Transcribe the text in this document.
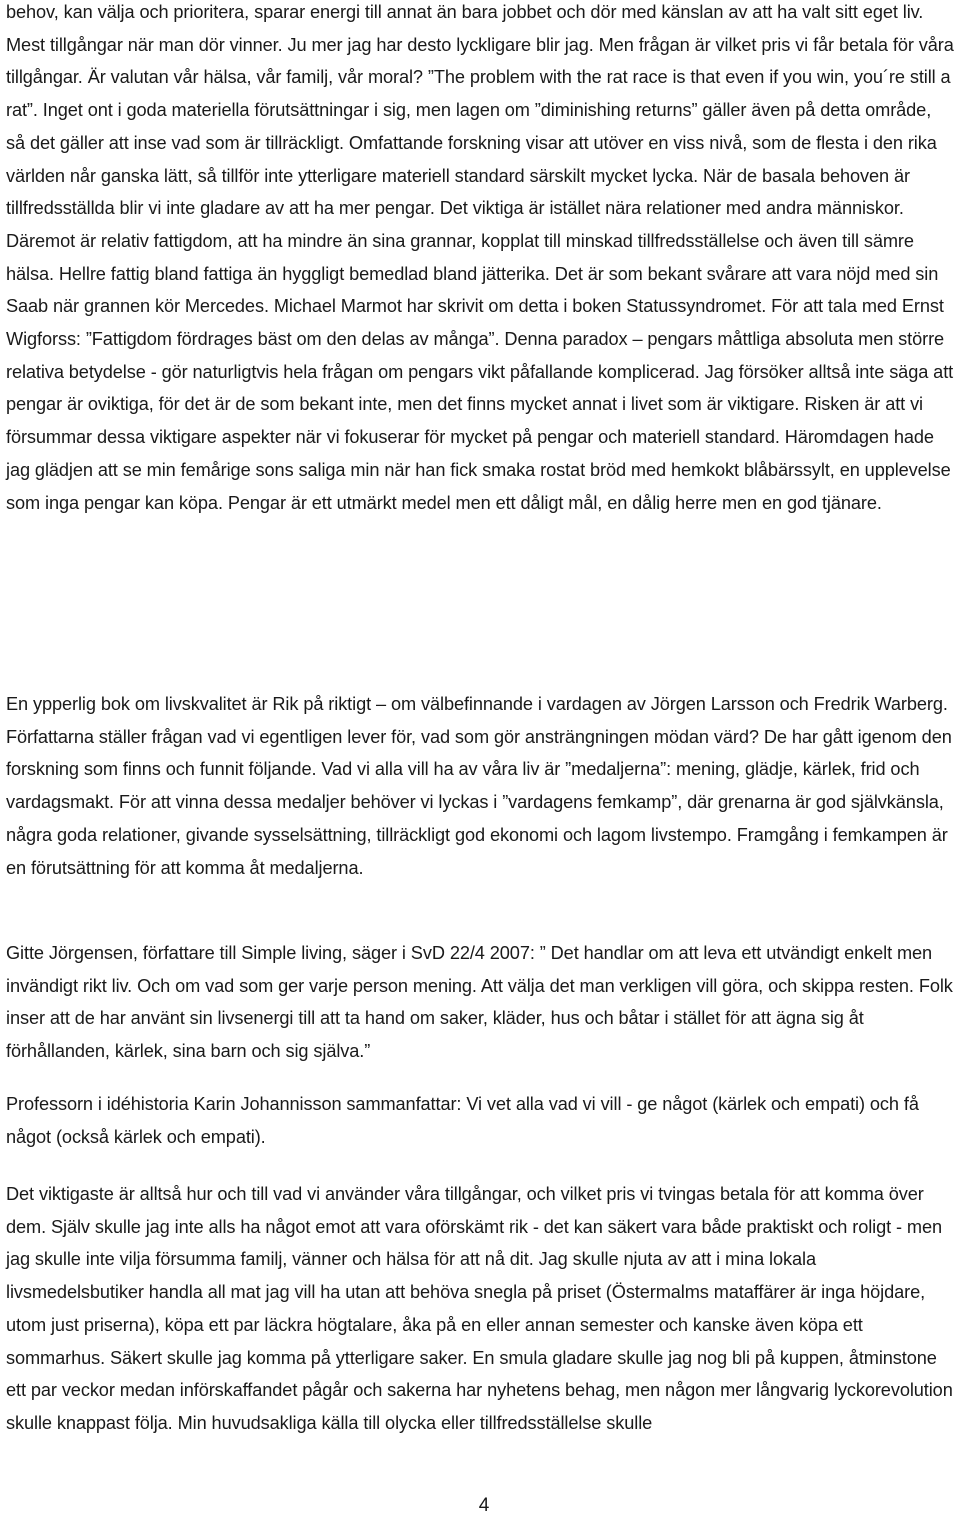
behov, kan välja och prioritera, sparar energi till annat än bara jobbet och dör med känslan av att ha valt sitt eget liv. Mest tillgångar när man dör vinner. Ju mer jag har desto lyckligare blir jag. Men frågan är vilket pris vi får betala för våra tillgångar. Är valutan vår hälsa, vår familj, vår moral? ”The problem with the rat race is that even if you win, you´re still a rat”. Inget ont i goda materiella förutsättningar i sig, men lagen om ”diminishing returns” gäller även på detta område, så det gäller att inse vad som är tillräckligt. Omfattande forskning visar att utöver en viss nivå, som de flesta i den rika världen når ganska lätt, så tillför inte ytterligare materiell standard särskilt mycket lycka. När de basala behoven är tillfredsställda blir vi inte gladare av att ha mer pengar. Det viktiga är istället nära relationer med andra människor. Däremot är relativ fattigdom, att ha mindre än sina grannar, kopplat till minskad tillfredsställelse och även till sämre hälsa. Hellre fattig bland fattiga än hyggligt bemedlad bland jätterika. Det är som bekant svårare att vara nöjd med sin Saab när grannen kör Mercedes. Michael Marmot har skrivit om detta i boken Statussyndromet. För att tala med Ernst Wigforss: ”Fattigdom fördrages bäst om den delas av många”. Denna paradox – pengars måttliga absoluta men större relativa betydelse - gör naturligtvis hela frågan om pengars vikt påfallande komplicerad. Jag försöker alltså inte säga att pengar är oviktiga, för det är de som bekant inte, men det finns mycket annat i livet som är viktigare. Risken är att vi försummar dessa viktigare aspekter när vi fokuserar för mycket på pengar och materiell standard. Häromdagen hade jag glädjen att se min femårige sons saliga min när han fick smaka rostat bröd med hemkokt blåbärssylt, en upplevelse som inga pengar kan köpa. Pengar är ett utmärkt medel men ett dåligt mål, en dålig herre men en god tjänare.

En ypperlig bok om livskvalitet är Rik på riktigt – om välbefinnande i vardagen av Jörgen Larsson och Fredrik Warberg. Författarna ställer frågan vad vi egentligen lever för, vad som gör ansträngningen mödan värd? De har gått igenom den forskning som finns och funnit följande. Vad vi alla vill ha av våra liv är ”medaljerna”: mening, glädje, kärlek, frid och vardagsmakt. För att vinna dessa medaljer behöver vi lyckas i ”vardagens femkamp”, där grenarna är god självkänsla, några goda relationer, givande sysselsättning, tillräckligt god ekonomi och lagom livstempo. Framgång i femkampen är en förutsättning för att komma åt medaljerna.

Gitte Jörgensen, författare till Simple living, säger i SvD 22/4 2007: ” Det handlar om att leva ett utvändigt enkelt men invändigt rikt liv. Och om vad som ger varje person mening. Att välja det man verkligen vill göra, och skippa resten. Folk inser att de har använt sin livsenergi till att ta hand om saker, kläder, hus och båtar i stället för att ägna sig åt förhållanden, kärlek, sina barn och sig själva.”

Professorn i idéhistoria Karin Johannisson sammanfattar: Vi vet alla vad vi vill - ge något (kärlek och empati) och få något (också kärlek och empati).

Det viktigaste är alltså hur och till vad vi använder våra tillgångar, och vilket pris vi tvingas betala för att komma över dem. Själv skulle jag inte alls ha något emot att vara oförskämt rik - det kan säkert vara både praktiskt och roligt - men jag skulle inte vilja försumma familj, vänner och hälsa för att nå dit. Jag skulle njuta av att i mina lokala livsmedelsbutiker handla all mat jag vill ha utan att behöva snegla på priset (Östermalms mataffärer är inga höjdare, utom just priserna), köpa ett par läckra högtalare, åka på en eller annan semester och kanske även köpa ett sommarhus. Säkert skulle jag komma på ytterligare saker. En smula gladare skulle jag nog bli på kuppen, åtminstone ett par veckor medan införskaffandet pågår och sakerna har nyhetens behag, men någon mer långvarig lyckorevolution skulle knappast följa. Min huvudsakliga källa till olycka eller tillfredsställelse skulle

4
